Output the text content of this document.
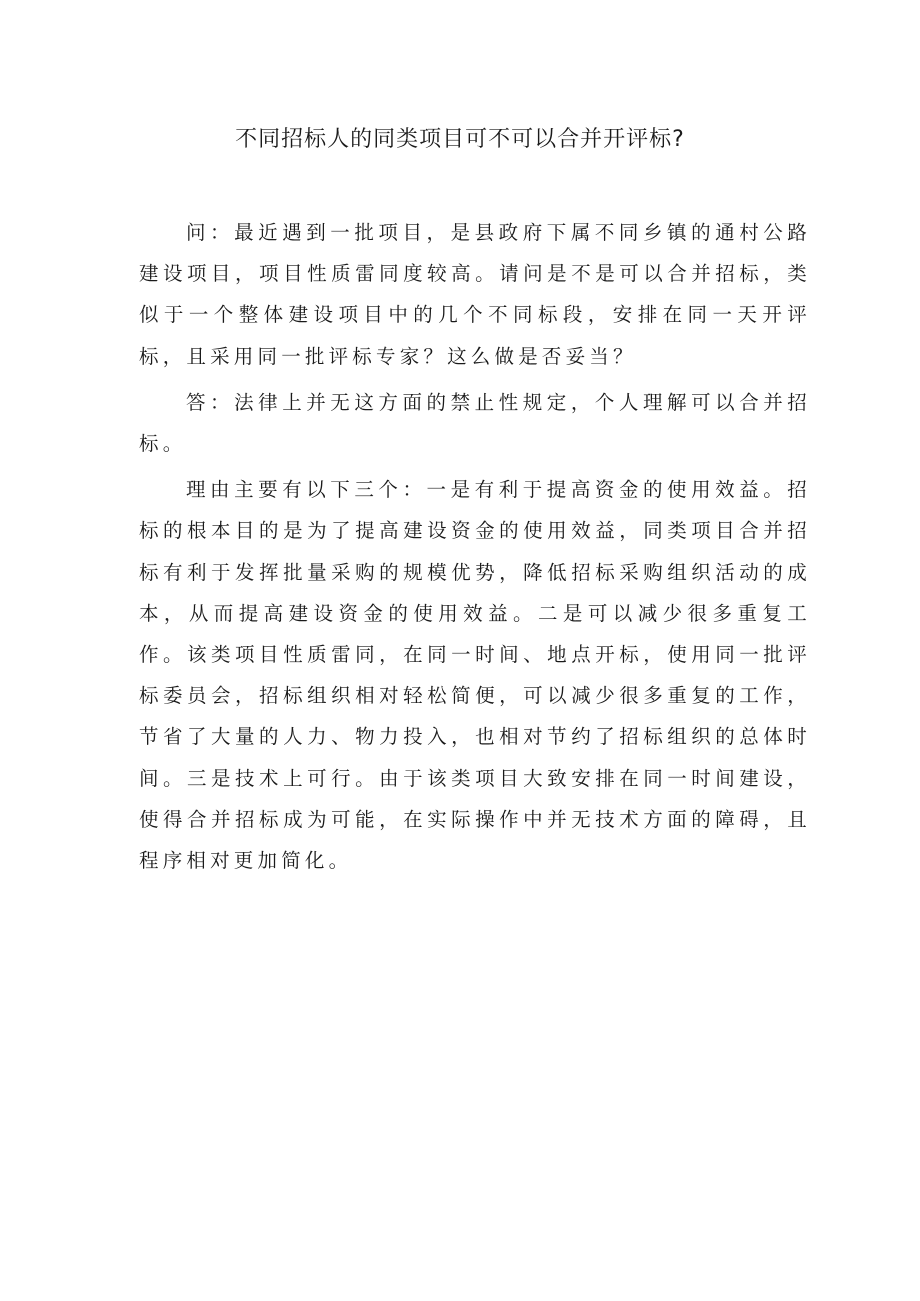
不同招标人的同类项目可不可以合并开评标?

问：最近遇到一批项目，是县政府下属不同乡镇的通村公路建设项目，项目性质雷同度较高。请问是不是可以合并招标，类似于一个整体建设项目中的几个不同标段，安排在同一天开评标，且采用同一批评标专家？这么做是否妥当？

答：法律上并无这方面的禁止性规定，个人理解可以合并招标。

理由主要有以下三个：一是有利于提高资金的使用效益。招标的根本目的是为了提高建设资金的使用效益，同类项目合并招标有利于发挥批量采购的规模优势，降低招标采购组织活动的成本，从而提高建设资金的使用效益。二是可以减少很多重复工作。该类项目性质雷同，在同一时间、地点开标，使用同一批评标委员会，招标组织相对轻松简便，可以减少很多重复的工作，节省了大量的人力、物力投入，也相对节约了招标组织的总体时间。三是技术上可行。由于该类项目大致安排在同一时间建设，使得合并招标成为可能，在实际操作中并无技术方面的障碍，且程序相对更加简化。
